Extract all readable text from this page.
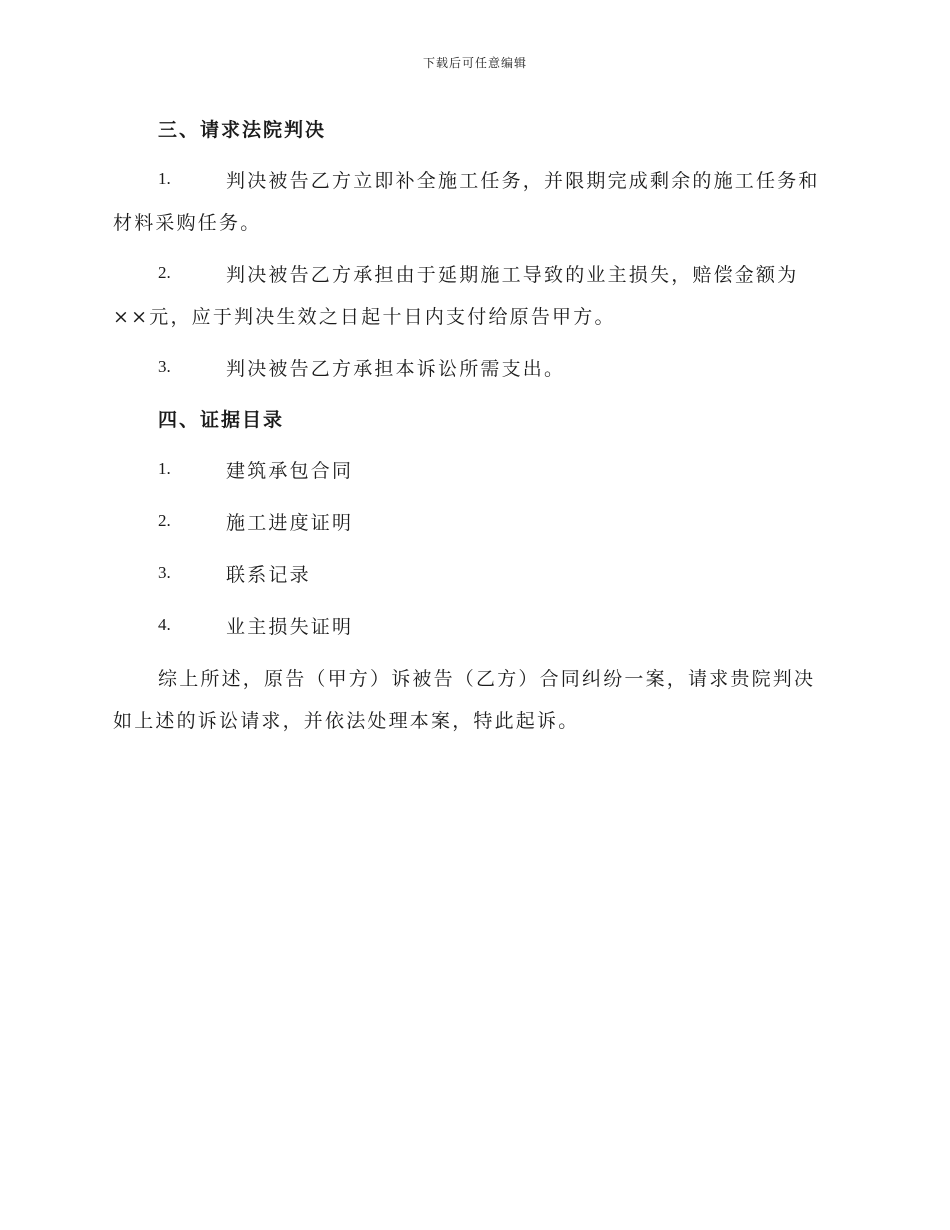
下载后可任意编辑
三、请求法院判决
1.	判决被告乙方立即补全施工任务，并限期完成剩余的施工任务和
材料采购任务。
2.	判决被告乙方承担由于延期施工导致的业主损失，赔偿金额为
××元，应于判决生效之日起十日内支付给原告甲方。
3.	判决被告乙方承担本诉讼所需支出。
四、证据目录
1.	建筑承包合同
2.	施工进度证明
3.	联系记录
4.	业主损失证明
综上所述，原告（甲方）诉被告（乙方）合同纠纷一案，请求贵院判决
如上述的诉讼请求，并依法处理本案，特此起诉。
